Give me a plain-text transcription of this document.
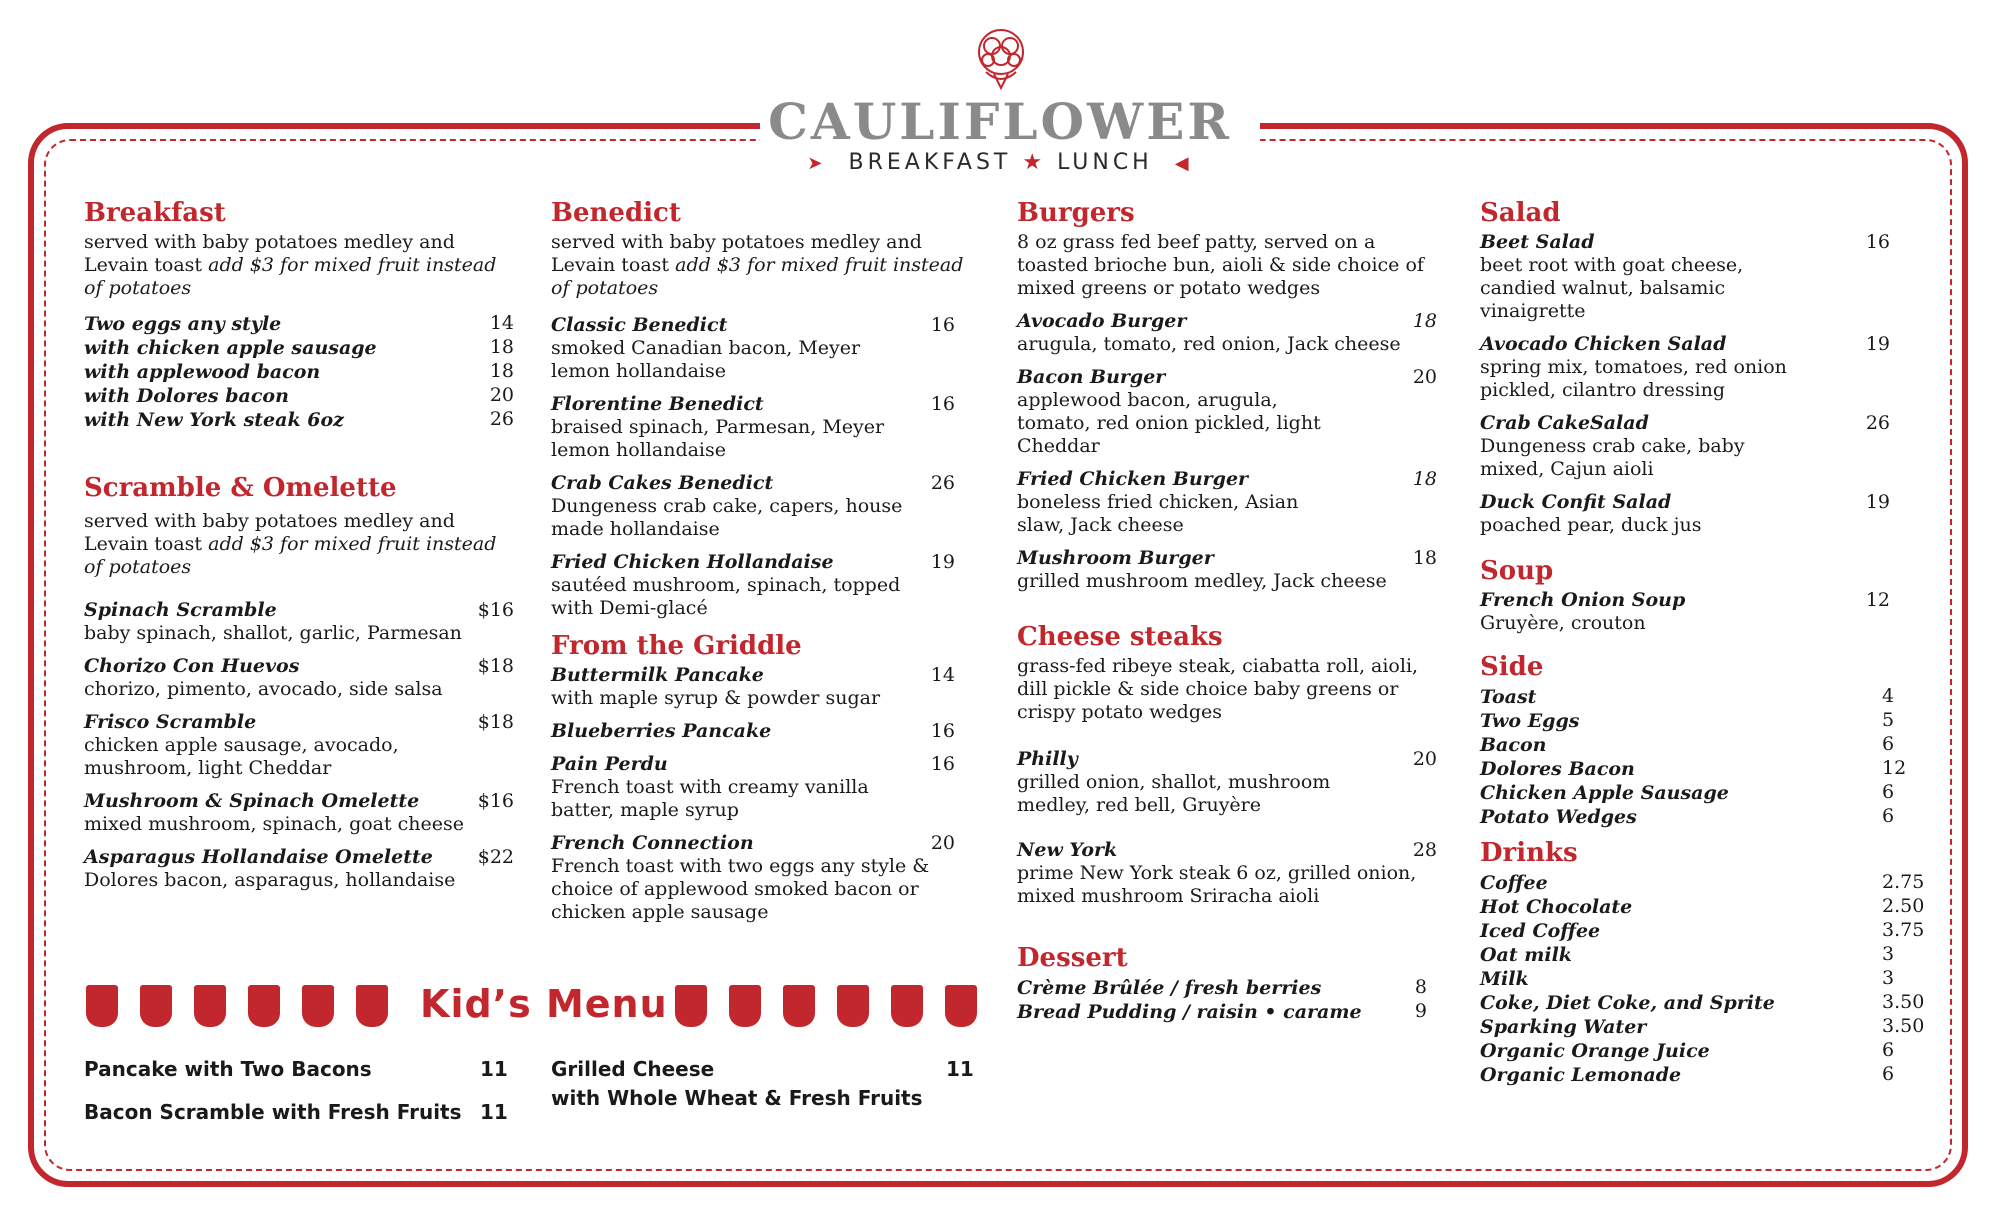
CAULIFLOWER
➤ BREAKFAST ★ LUNCH ◀
Breakfast

served with baby potatoes medley and Levain toast add $3 for mixed fruit instead of potatoes

Two eggs any style	14
with chicken apple sausage	18
with applewood bacon	18
with Dolores bacon	20
with New York steak 6oz	26
Scramble & Omelette

served with baby potatoes medley and Levain toast add $3 for mixed fruit instead of potatoes

Spinach Scramble
baby spinach, shallot, garlic, Parmesan
$16
Chorizo Con Huevos
chorizo, pimento, avocado, side salsa
$18
Frisco Scramble
chicken apple sausage, avocado, mushroom, light Cheddar
$18
Mushroom & Spinach Omelette
mixed mushroom, spinach, goat cheese
$16
Asparagus Hollandaise Omelette
Dolores bacon, asparagus, hollandaise
$22
Benedict

served with baby potatoes medley and Levain toast add $3 for mixed fruit instead of potatoes

Classic Benedict
smoked Canadian bacon, Meyer lemon hollandaise
16
Florentine Benedict
braised spinach, Parmesan, Meyer lemon hollandaise
16
Crab Cakes Benedict
Dungeness crab cake, capers, house made hollandaise
26
Fried Chicken Hollandaise
sautéed mushroom, spinach, topped with Demi-glacé
19
From the Griddle
Buttermilk Pancake
with maple syrup & powder sugar
14
Blueberries Pancake	16
Pain Perdu
French toast with creamy vanilla batter, maple syrup
16
French Connection
French toast with two eggs any style & choice of applewood smoked bacon or chicken apple sausage
20
Burgers

8 oz grass fed beef patty, served on a toasted brioche bun, aioli & side choice of mixed greens or potato wedges

Avocado Burger
arugula, tomato, red onion, Jack cheese
18
Bacon Burger
applewood bacon, arugula, tomato, red onion pickled, light Cheddar
20
Fried Chicken Burger
boneless fried chicken, Asian slaw, Jack cheese
18
Mushroom Burger
grilled mushroom medley, Jack cheese
18
Cheese steaks

grass-fed ribeye steak, ciabatta roll, aioli, dill pickle & side choice baby greens or crispy potato wedges

Philly
grilled onion, shallot, mushroom medley, red bell, Gruyère
20
New York
prime New York steak 6 oz, grilled onion, mixed mushroom Sriracha aioli
28
Dessert
Crème Brûlée / fresh berries	8
Bread Pudding / raisin • carame	9
Salad
Beet Salad
beet root with goat cheese, candied walnut, balsamic vinaigrette
16
Avocado Chicken Salad
spring mix, tomatoes, red onion pickled, cilantro dressing
19
Crab CakeSalad
Dungeness crab cake, baby mixed, Cajun aioli
26
Duck Confit Salad
poached pear, duck jus
19
Soup
French Onion Soup
Gruyère, crouton
12
Side
Toast	4
Two Eggs	5
Bacon	6
Dolores Bacon	12
Chicken Apple Sausage	6
Potato Wedges	6
Drinks
Coffee	2.75
Hot Chocolate	2.50
Iced Coffee	3.75
Oat milk	3
Milk	3
Coke, Diet Coke, and Sprite	3.50
Sparking Water	3.50
Organic Orange Juice	6
Organic Lemonade	6
Kid’s Menu
Pancake with Two Bacons	11
Bacon Scramble with Fresh Fruits 11
Grilled Cheese
with Whole Wheat & Fresh Fruits
11
